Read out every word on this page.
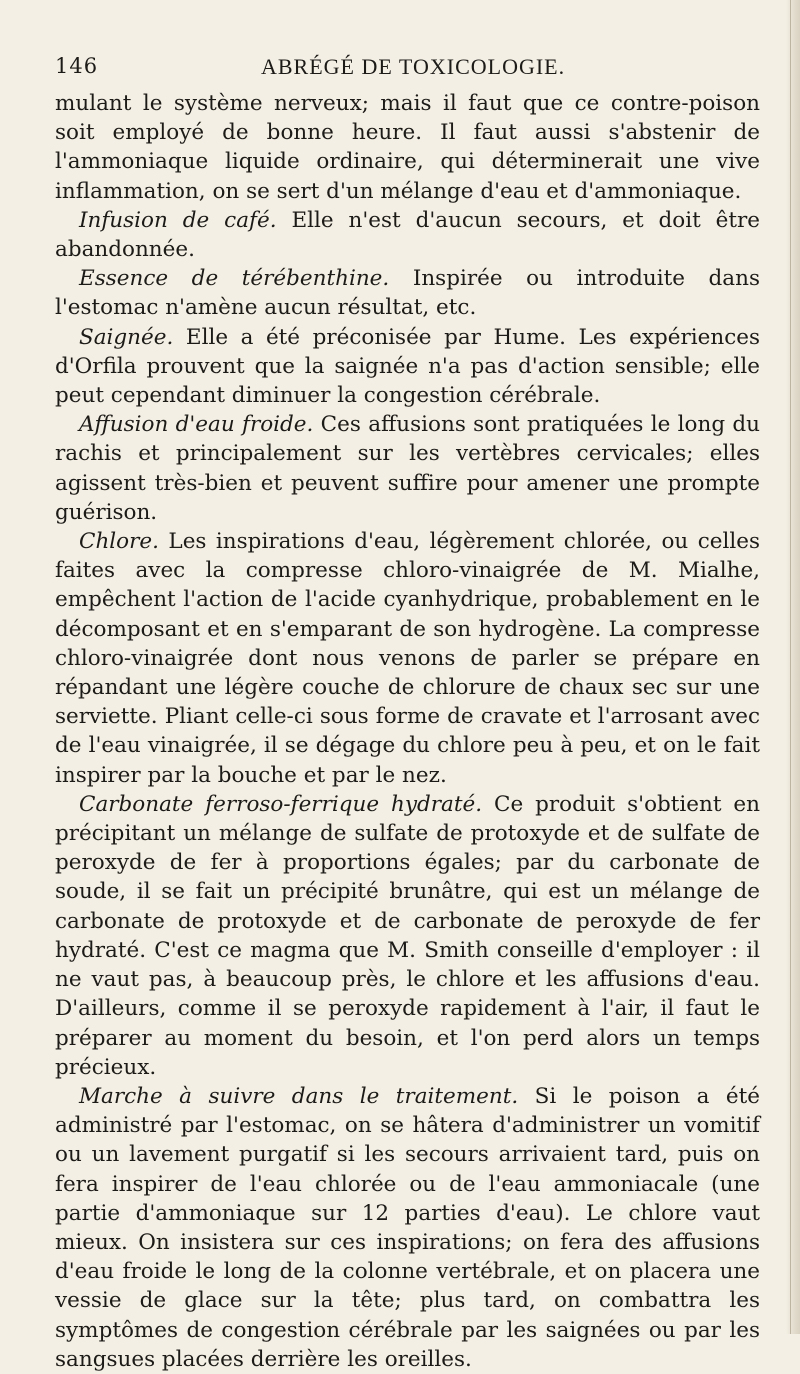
146	ABRÉGÉ DE TOXICOLOGIE.

mulant le système nerveux; mais il faut que ce contre-poison soit employé de bonne heure. Il faut aussi s'abstenir de l'ammoniaque liquide ordinaire, qui déterminerait une vive inflammation, on se sert d'un mélange d'eau et d'ammoniaque.

Infusion de café. Elle n'est d'aucun secours, et doit être abandonnée.

Essence de térébenthine. Inspirée ou introduite dans l'estomac n'amène aucun résultat, etc.

Saignée. Elle a été préconisée par Hume. Les expériences d'Orfila prouvent que la saignée n'a pas d'action sensible; elle peut cependant diminuer la congestion cérébrale.

Affusion d'eau froide. Ces affusions sont pratiquées le long du rachis et principalement sur les vertèbres cervicales; elles agissent très-bien et peuvent suffire pour amener une prompte guérison.

Chlore. Les inspirations d'eau, légèrement chlorée, ou celles faites avec la compresse chloro-vinaigrée de M. Mialhe, empêchent l'action de l'acide cyanhydrique, probablement en le décomposant et en s'emparant de son hydrogène. La compresse chloro-vinaigrée dont nous venons de parler se prépare en répandant une légère couche de chlorure de chaux sec sur une serviette. Pliant celle-ci sous forme de cravate et l'arrosant avec de l'eau vinaigrée, il se dégage du chlore peu à peu, et on le fait inspirer par la bouche et par le nez.

Carbonate ferroso-ferrique hydraté. Ce produit s'obtient en précipitant un mélange de sulfate de protoxyde et de sulfate de peroxyde de fer à proportions égales; par du carbonate de soude, il se fait un précipité brunâtre, qui est un mélange de carbonate de protoxyde et de carbonate de peroxyde de fer hydraté. C'est ce magma que M. Smith conseille d'employer : il ne vaut pas, à beaucoup près, le chlore et les affusions d'eau. D'ailleurs, comme il se peroxyde rapidement à l'air, il faut le préparer au moment du besoin, et l'on perd alors un temps précieux.

Marche à suivre dans le traitement. Si le poison a été administré par l'estomac, on se hâtera d'administrer un vomitif ou un lavement purgatif si les secours arrivaient tard, puis on fera inspirer de l'eau chlorée ou de l'eau ammoniacale (une partie d'ammoniaque sur 12 parties d'eau). Le chlore vaut mieux. On insistera sur ces inspirations; on fera des affusions d'eau froide le long de la colonne vertébrale, et on placera une vessie de glace sur la tête; plus tard, on combattra les symptômes de congestion cérébrale par les saignées ou par les sangsues placées derrière les oreilles.
